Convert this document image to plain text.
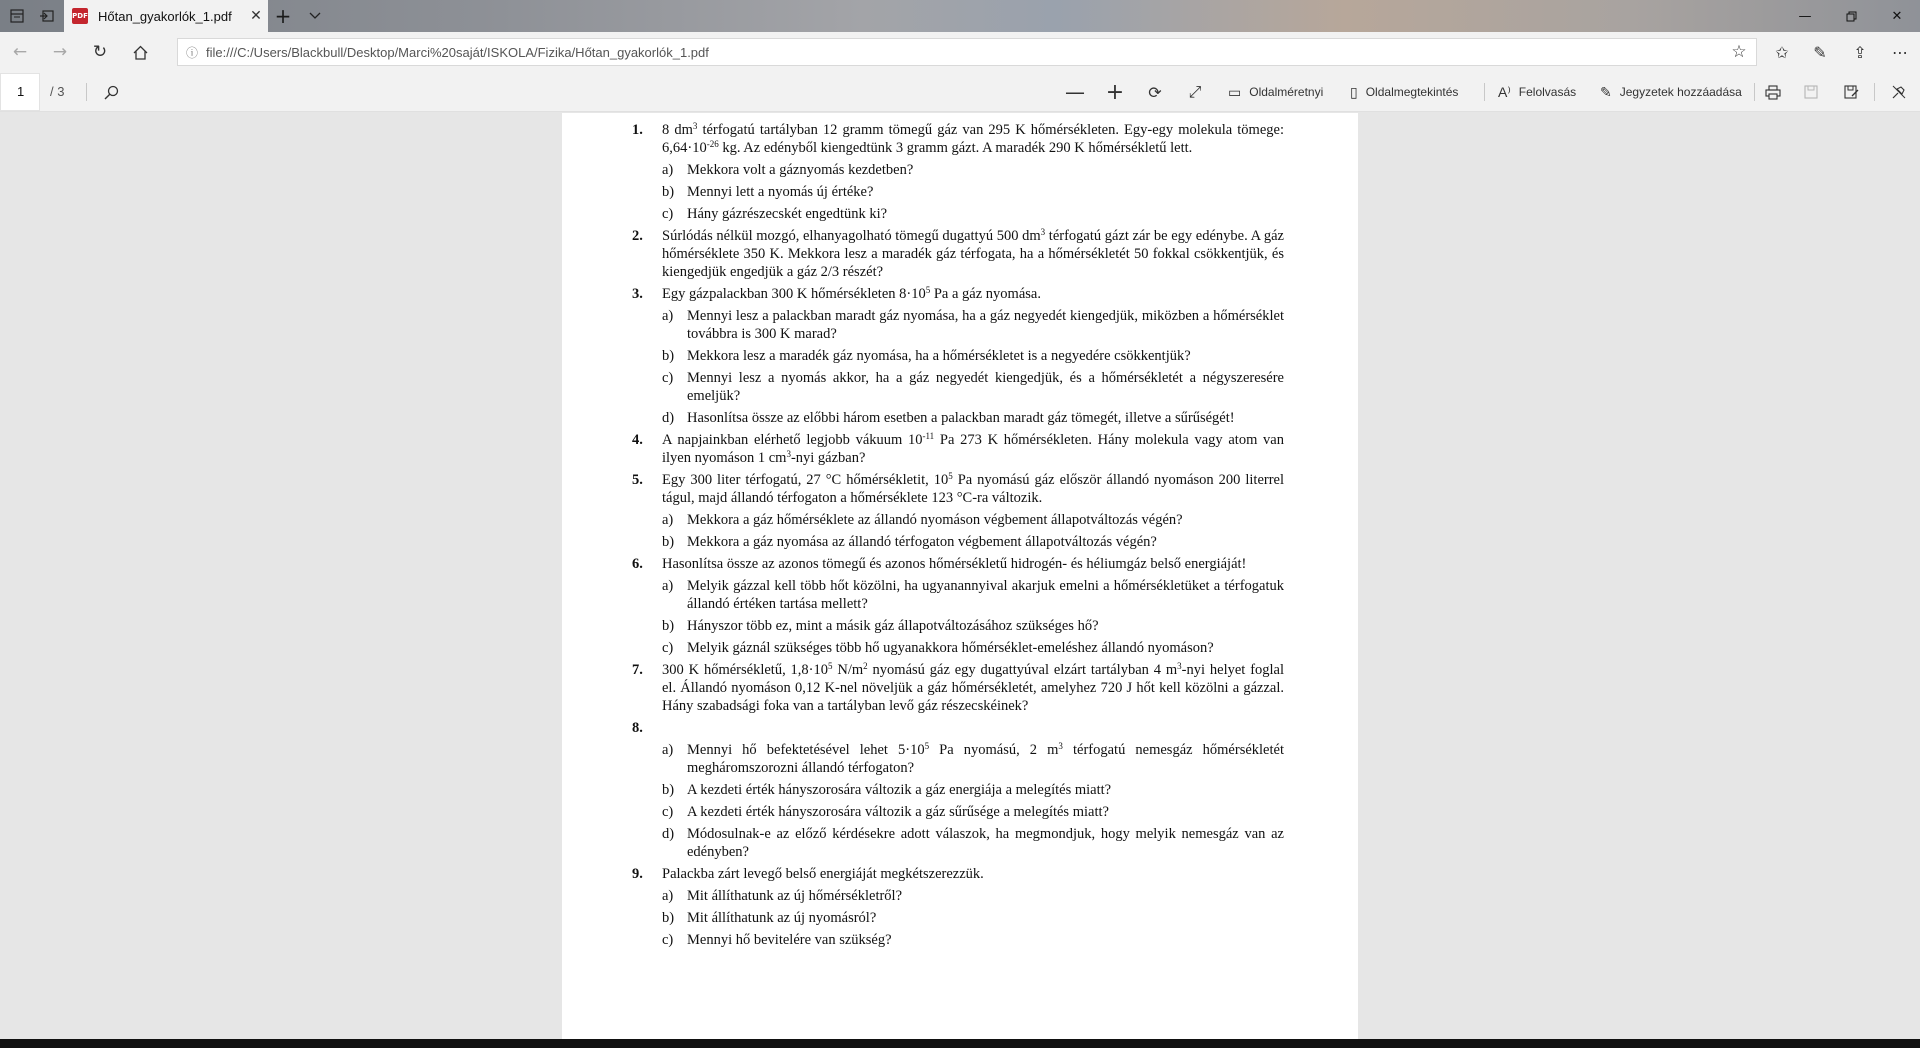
PDF Hőtan_gyakorlók_1.pdf	✕ +	—	✕
←	→	↻	ⓘ file:///C:/Users/Blackbull/Desktop/Marci%20saját/ISKOLA/Fizika/Hőtan_gyakorlók_1.pdf	☆	✩	✎	⇪	⋯
1	/ 3	— +	⟳	⤢	▭ Oldalméretnyi ▯ Oldalmegtekintés	A⁾ Felolvasás ✎ Jegyzetek hozzáadása
1. 8 $dm^3$ térfogatú tartályban 12 gramm tömegű gáz van 295 K hőmérsékleten. Egy-egy molekula tömege: $6,64\cdot 10^{-26}$ kg. Az edényből kiengedtünk 3 gramm gázt. A maradék 290 K hőmérsékletű lett.
a) Mekkora volt a gáznyomás kezdetben?
b) Mennyi lett a nyomás új értéke?
c) Hány gázrészecskét engedtünk ki?
2. Súrlódás nélkül mozgó, elhanyagolható tömegű dugattyú 500 $dm^3$ térfogatú gázt zár be egy edénybe. A gáz hőmérséklete 350 K. Mekkora lesz a maradék gáz térfogata, ha a hőmérsékletét 50 fokkal csökkentjük, és kiengedjük engedjük a gáz 2/3 részét?
3. Egy gázpalackban 300 K hőmérsékleten $8\cdot 10^5$ Pa a gáz nyomása.
a) Mennyi lesz a palackban maradt gáz nyomása, ha a gáz negyedét kiengedjük, miközben a hőmérséklet továbbra is 300 K marad?
b) Mekkora lesz a maradék gáz nyomása, ha a hőmérsékletet is a negyedére csökkentjük?
c) Mennyi lesz a nyomás akkor, ha a gáz negyedét kiengedjük, és a hőmérsékletét a négyszeresére emeljük?
d) Hasonlítsa össze az előbbi három esetben a palackban maradt gáz tömegét, illetve a sűrűségét!
4. A napjainkban elérhető legjobb vákuum $10^{-11}$ Pa 273 K hőmérsékleten. Hány molekula vagy atom van ilyen nyomáson 1 $cm^3$-nyi gázban?
5. Egy 300 liter térfogatú, 27 °C hőmérsékletit, $10^5$ Pa nyomású gáz először állandó nyomáson 200 literrel tágul, majd állandó térfogaton a hőmérséklete 123 °C-ra változik.
a) Mekkora a gáz hőmérséklete az állandó nyomáson végbement állapotváltozás végén?
b) Mekkora a gáz nyomása az állandó térfogaton végbement állapotváltozás végén?
6. Hasonlítsa össze az azonos tömegű és azonos hőmérsékletű hidrogén- és héliumgáz belső energiáját!
a) Melyik gázzal kell több hőt közölni, ha ugyanannyival akarjuk emelni a hőmérsékletüket a térfogatuk állandó értéken tartása mellett?
b) Hányszor több ez, mint a másik gáz állapotváltozásához szükséges hő?
c) Melyik gáznál szükséges több hő ugyanakkora hőmérséklet-emeléshez állandó nyomáson?
7. 300 K hőmérsékletű, $1,8\cdot 10^5$ $N/m^2$ nyomású gáz egy dugattyúval elzárt tartályban 4 $m^3$-nyi helyet foglal el. Állandó nyomáson 0,12 K-nel növeljük a gáz hőmérsékletét, amelyhez 720 J hőt kell közölni a gázzal. Hány szabadsági foka van a tartályban levő gáz részecskéinek?
8.
a) Mennyi hő befektetésével lehet $5\cdot 10^5$ Pa nyomású, 2 $m^3$ térfogatú nemesgáz hőmérsékletét megháromszorozni állandó térfogaton?
b) A kezdeti érték hányszorosára változik a gáz energiája a melegítés miatt?
c) A kezdeti érték hányszorosára változik a gáz sűrűsége a melegítés miatt?
d) Módosulnak-e az előző kérdésekre adott válaszok, ha megmondjuk, hogy melyik nemesgáz van az edényben?
9. Palackba zárt levegő belső energiáját megkétszerezzük.
a) Mit állíthatunk az új hőmérsékletről?
b) Mit állíthatunk az új nyomásról?
c) Mennyi hő bevitelére van szükség?
